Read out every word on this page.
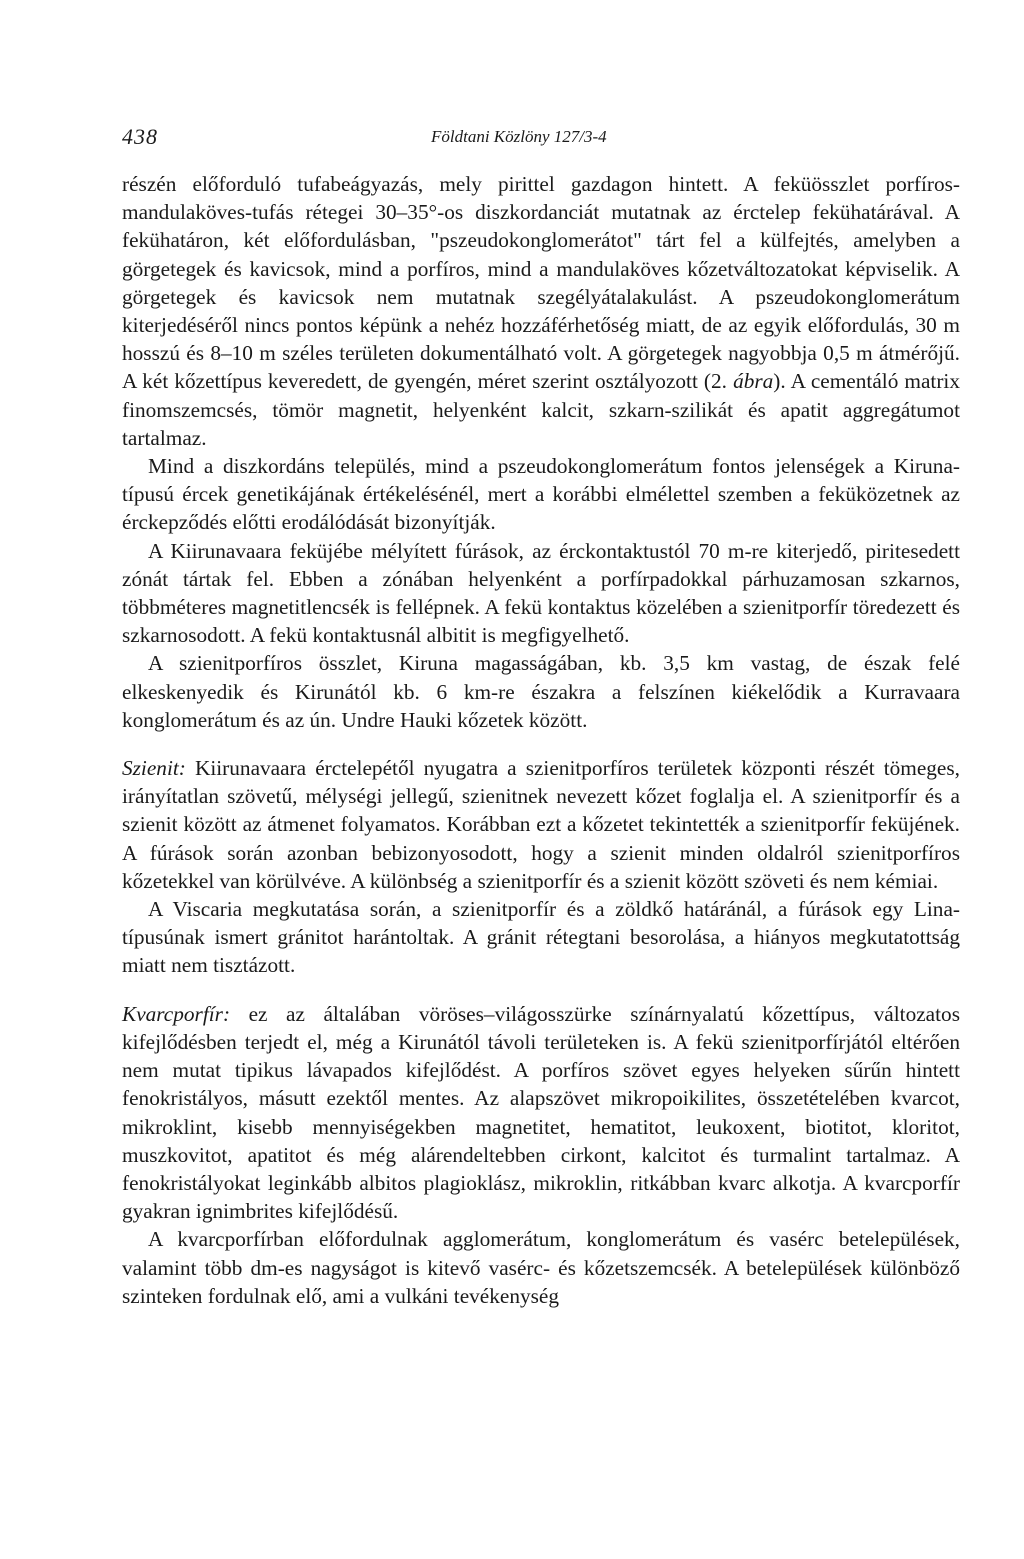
438	Földtani Közlöny 127/3-4

részén előforduló tufabeágyazás, mely pirittel gazdagon hintett. A feküösszlet porfíros-mandulaköves-tufás rétegei 30–35°-os diszkordanciát mutatnak az érctelep fekühatárával. A fekühatáron, két előfordulásban, "pszeudokonglomerátot" tárt fel a külfejtés, amelyben a görgetegek és kavicsok, mind a porfíros, mind a mandulaköves kőzetváltozatokat képviselik. A görgetegek és kavicsok nem mutatnak szegélyátalakulást. A pszeudokonglomerátum kiterjedéséről nincs pontos képünk a nehéz hozzáférhetőség miatt, de az egyik előfordulás, 30 m hosszú és 8–10 m széles területen dokumentálható volt. A görgetegek nagyobbja 0,5 m átmérőjű. A két kőzettípus keveredett, de gyengén, méret szerint osztályozott (2. ábra). A cementáló matrix finomszemcsés, tömör magnetit, helyenként kalcit, szkarn-szilikát és apatit aggregátumot tartalmaz.

Mind a diszkordáns település, mind a pszeudokonglomerátum fontos jelenségek a Kiruna-típusú ércek genetikájának értékelésénél, mert a korábbi elmélettel szemben a feküközetnek az érckepződés előtti erodálódását bizonyítják.

A Kiirunavaara feküjébe mélyített fúrások, az érckontaktustól 70 m-re kiterjedő, piritesedett zónát tártak fel. Ebben a zónában helyenként a porfírpadokkal párhuzamosan szkarnos, többméteres magnetitlencsék is fellépnek. A fekü kontaktus közelében a szienitporfír töredezett és szkarnosodott. A fekü kontaktusnál albitit is megfigyelhető.

A szienitporfíros összlet, Kiruna magasságában, kb. 3,5 km vastag, de észak felé elkeskenyedik és Kirunától kb. 6 km-re északra a felszínen kiékelődik a Kurravaara konglomerátum és az ún. Undre Hauki kőzetek között.

Szienit: Kiirunavaara érctelepétől nyugatra a szienitporfíros területek központi részét tömeges, irányítatlan szövetű, mélységi jellegű, szienitnek nevezett kőzet foglalja el. A szienitporfír és a szienit között az átmenet folyamatos. Korábban ezt a kőzetet tekintették a szienitporfír feküjének. A fúrások során azonban bebizonyosodott, hogy a szienit minden oldalról szienitporfíros kőzetekkel van körülvéve. A különbség a szienitporfír és a szienit között szöveti és nem kémiai.

A Viscaria megkutatása során, a szienitporfír és a zöldkő határánál, a fúrások egy Lina-típusúnak ismert gránitot harántoltak. A gránit rétegtani besorolása, a hiányos megkutatottság miatt nem tisztázott.

Kvarcporfír: ez az általában vöröses–világosszürke színárnyalatú kőzettípus, változatos kifejlődésben terjedt el, még a Kirunától távoli területeken is. A fekü szienitporfírjától eltérően nem mutat tipikus lávapados kifejlődést. A porfíros szövet egyes helyeken sűrűn hintett fenokristályos, másutt ezektől mentes. Az alapszövet mikropoikilites, összetételében kvarcot, mikroklint, kisebb mennyiségekben magnetitet, hematitot, leukoxent, biotitot, kloritot, muszkovitot, apatitot és még alárendeltebben cirkont, kalcitot és turmalint tartalmaz. A fenokristályokat leginkább albitos plagioklász, mikroklin, ritkábban kvarc alkotja. A kvarcporfír gyakran ignimbrites kifejlődésű.

A kvarcporfírban előfordulnak agglomerátum, konglomerátum és vasérc betelepülések, valamint több dm-es nagyságot is kitevő vasérc- és kőzetszemcsék. A betelepülések különböző szinteken fordulnak elő, ami a vulkáni tevékenység
